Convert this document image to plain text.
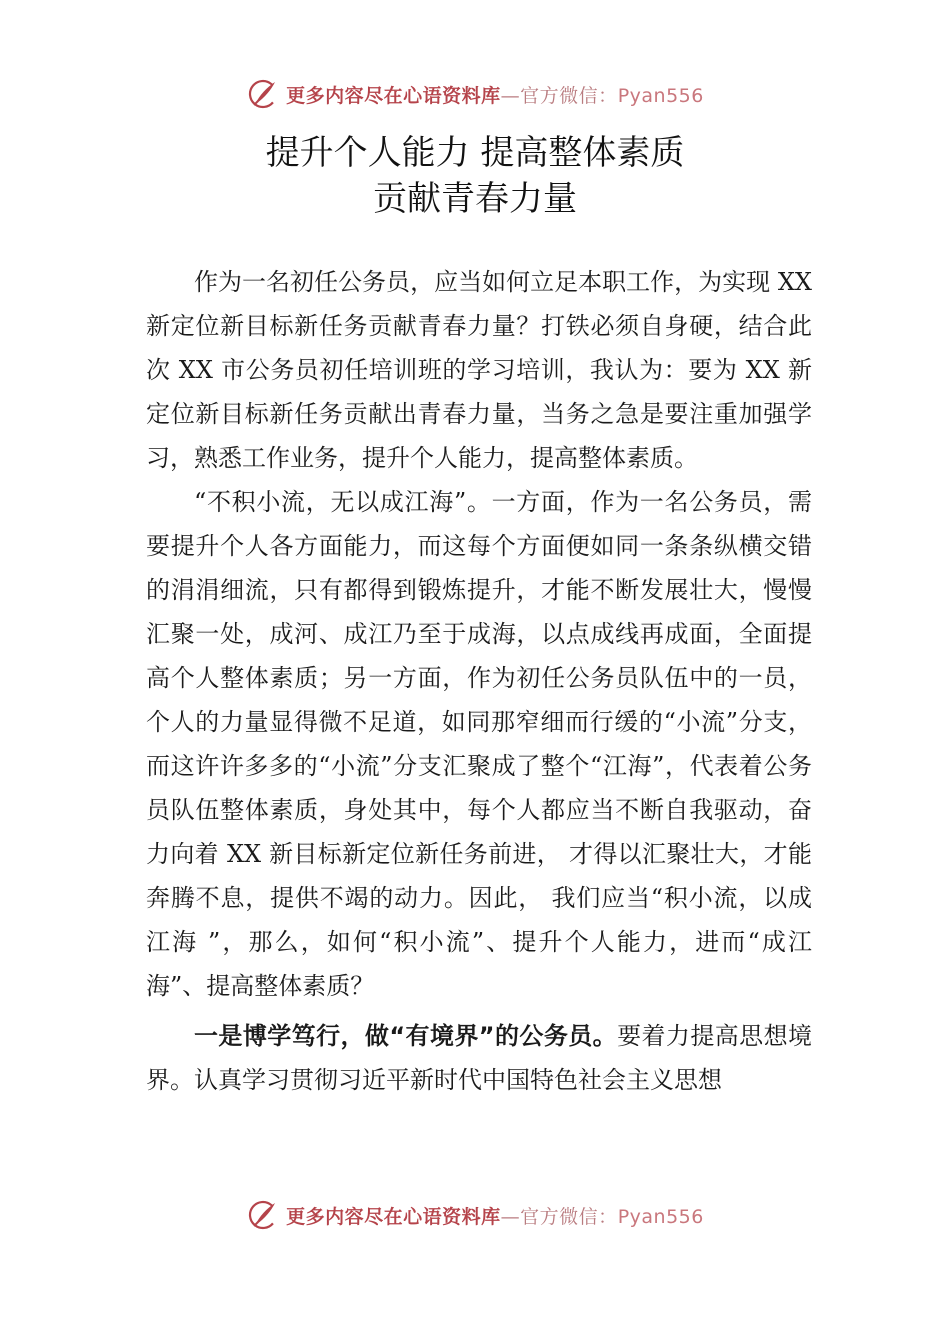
更多内容尽在心语资料库—官方微信：Pyan556
提升个人能力 提高整体素质
贡献青春力量

作为一名初任公务员，应当如何立足本职工作，为实现 XX 新定位新目标新任务贡献青春力量？打铁必须自身硬，结合此次 XX 市公务员初任培训班的学习培训，我认为：要为 XX 新定位新目标新任务贡献出青春力量，当务之急是要注重加强学习，熟悉工作业务，提升个人能力，提高整体素质。

“不积小流，无以成江海”。一方面，作为一名公务员，需要提升个人各方面能力，而这每个方面便如同一条条纵横交错的涓涓细流，只有都得到锻炼提升，才能不断发展壮大，慢慢汇聚一处，成河、成江乃至于成海，以点成线再成面，全面提高个人整体素质；另一方面，作为初任公务员队伍中的一员，个人的力量显得微不足道，如同那窄细而行缓的“小流”分支，而这许许多多的“小流”分支汇聚成了整个“江海”，代表着公务员队伍整体素质，身处其中，每个人都应当不断自我驱动，奋力向着 XX 新目标新定位新任务前进， 才得以汇聚壮大，才能奔腾不息，提供不竭的动力。因此， 我们应当“积小流，以成江海 ”，那么，如何“积小流”、提升个人能力，进而“成江海”、提高整体素质？

一是博学笃行，做“有境界”的公务员。要着力提高思想境界。认真学习贯彻习近平新时代中国特色社会主义思想

更多内容尽在心语资料库—官方微信：Pyan556
